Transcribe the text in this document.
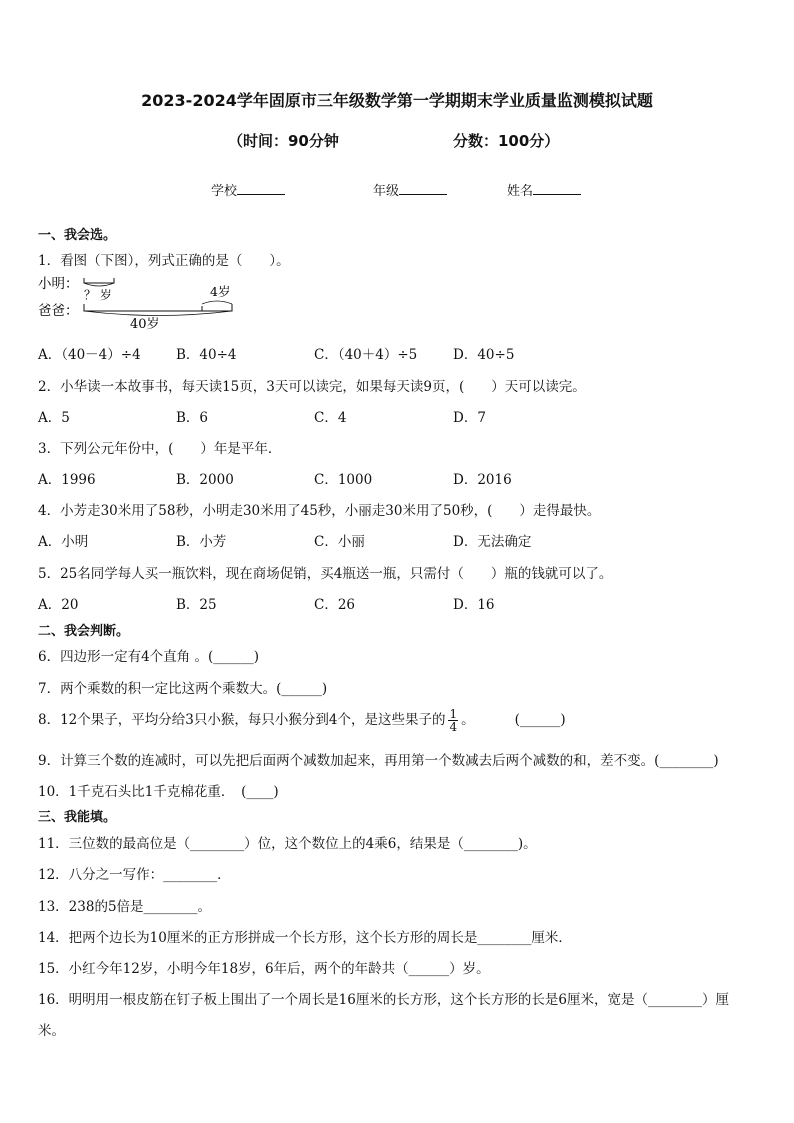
2023-2024学年固原市三年级数学第一学期期末学业质量监测模拟试题
（时间：90分钟	分数：100分）
学校	年级	姓名
一、我会选。
1．看图（下图），列式正确的是（　　）。
小明：
爸爸：
？ 岁	4岁
40岁
A．（40－4）÷4	B．40÷4	C．（40＋4）÷5	D．40÷5
2．小华读一本故事书，每天读15页，3天可以读完，如果每天读9页，(　　）天可以读完。
A．5	B．6	C．4	D．7
3．下列公元年份中，(　　）年是平年．
A．1996	B．2000	C．1000	D．2016
4．小芳走30米用了58秒，小明走30米用了45秒，小丽走30米用了50秒，(　　）走得最快。
A．小明	B．小芳	C．小丽	D．无法确定
5．25名同学每人买一瓶饮料，现在商场促销，买4瓶送一瓶，只需付（　　）瓶的钱就可以了。
A．20	B．25	C．26	D．16
二、我会判断。
6．四边形一定有4个直角 。(______)
7．两个乘数的积一定比这两个乘数大。(______)
8．12个果子，平均分给3只小猴，每只小猴分到4个，是这些果子的 $\frac{1}{4}$ 。	(______)
9．计算三个数的连减时，可以先把后面两个减数加起来，再用第一个数减去后两个减数的和，差不变。(________)
10．1千克石头比1千克棉花重．　(____)
三、我能填。
11．三位数的最高位是（________）位，这个数位上的4乘6，结果是（________)。
12．八分之一写作：________．
13．238的5倍是________。
14．把两个边长为10厘米的正方形拼成一个长方形，这个长方形的周长是________厘米．
15．小红今年12岁，小明今年18岁，6年后，两个的年龄共（______）岁。
16．明明用一根皮筋在钉子板上围出了一个周长是16厘米的长方形，这个长方形的长是6厘米，宽是（________）厘
米。
